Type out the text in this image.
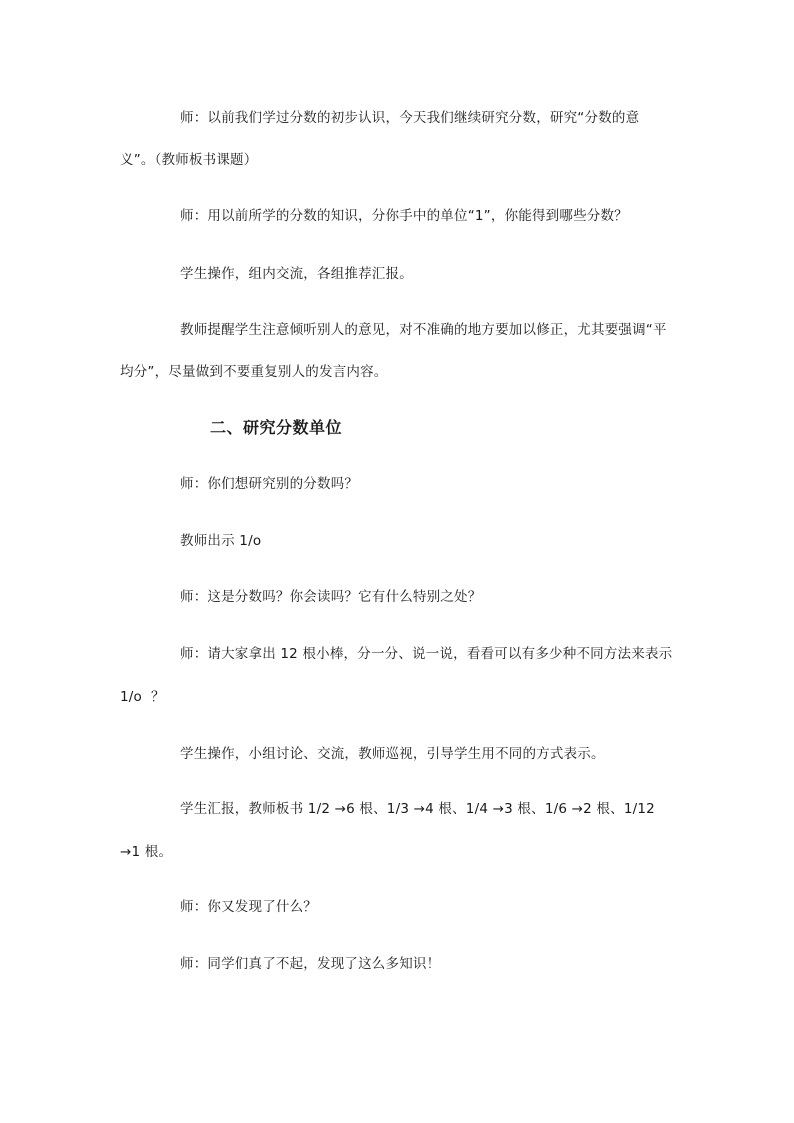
师：以前我们学过分数的初步认识，今天我们继续研究分数，研究“分数的意
义”。（教师板书课题）
师：用以前所学的分数的知识，分你手中的单位“1”，你能得到哪些分数？
学生操作，组内交流，各组推荐汇报。
教师提醒学生注意倾听别人的意见，对不准确的地方要加以修正，尤其要强调“平
均分”，尽量做到不要重复别人的发言内容。
二、研究分数单位
师：你们想研究别的分数吗？
教师出示 1/o
师：这是分数吗？你会读吗？它有什么特别之处？
师：请大家拿出 12 根小棒，分一分、说一说，看看可以有多少种不同方法来表示
1/o  ？
学生操作，小组讨论、交流，教师巡视，引导学生用不同的方式表示。
学生汇报，教师板书 1/2 →6 根、1/3 →4 根、1/4 →3 根、1/6 →2 根、1/12
→1 根。
师：你又发现了什么？
师：同学们真了不起，发现了这么多知识！
